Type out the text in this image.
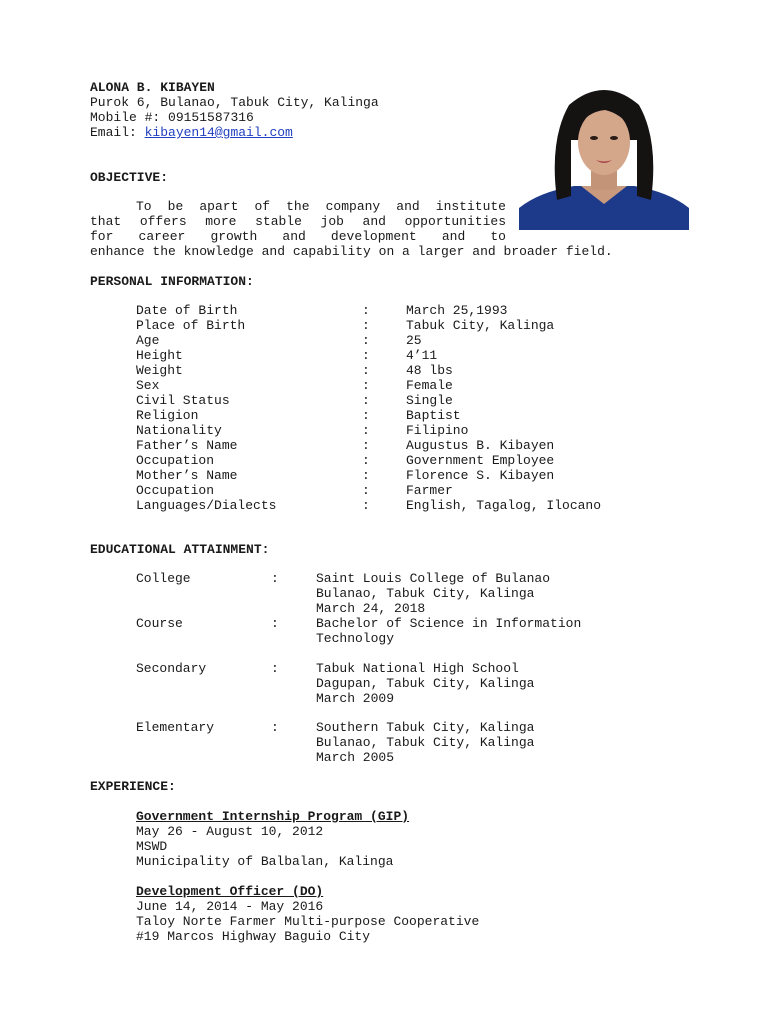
ALONA B. KIBAYEN
Purok 6, Bulanao, Tabuk City, Kalinga
Mobile #: 09151587316
Email: kibayen14@gmail.com
OBJECTIVE:
To be apart of the company and institute
that offers more stable job and opportunities
for career growth and development and to
enhance the knowledge and capability on a larger and broader field.
PERSONAL INFORMATION:
Date of Birth	:	March 25,1993
Place of Birth	:	Tabuk City, Kalinga
Age	:	25
Height	:	4’11
Weight	:	48 lbs
Sex	:	Female
Civil Status	:	Single
Religion	:	Baptist
Nationality	:	Filipino
Father’s Name	:	Augustus B. Kibayen
Occupation	:	Government Employee
Mother’s Name	:	Florence S. Kibayen
Occupation	:	Farmer
Languages/Dialects	:	English, Tagalog, Ilocano
EDUCATIONAL ATTAINMENT:
College	:	Saint Louis College of Bulanao
Bulanao, Tabuk City, Kalinga
March 24, 2018
Course	:	Bachelor of Science in Information
Technology
Secondary	:	Tabuk National High School
Dagupan, Tabuk City, Kalinga
March 2009
Elementary	:	Southern Tabuk City, Kalinga
Bulanao, Tabuk City, Kalinga
March 2005
EXPERIENCE:
Government Internship Program (GIP)
May 26 - August 10, 2012
MSWD
Municipality of Balbalan, Kalinga
Development Officer (DO)
June 14, 2014 - May 2016
Taloy Norte Farmer Multi-purpose Cooperative
#19 Marcos Highway Baguio City
